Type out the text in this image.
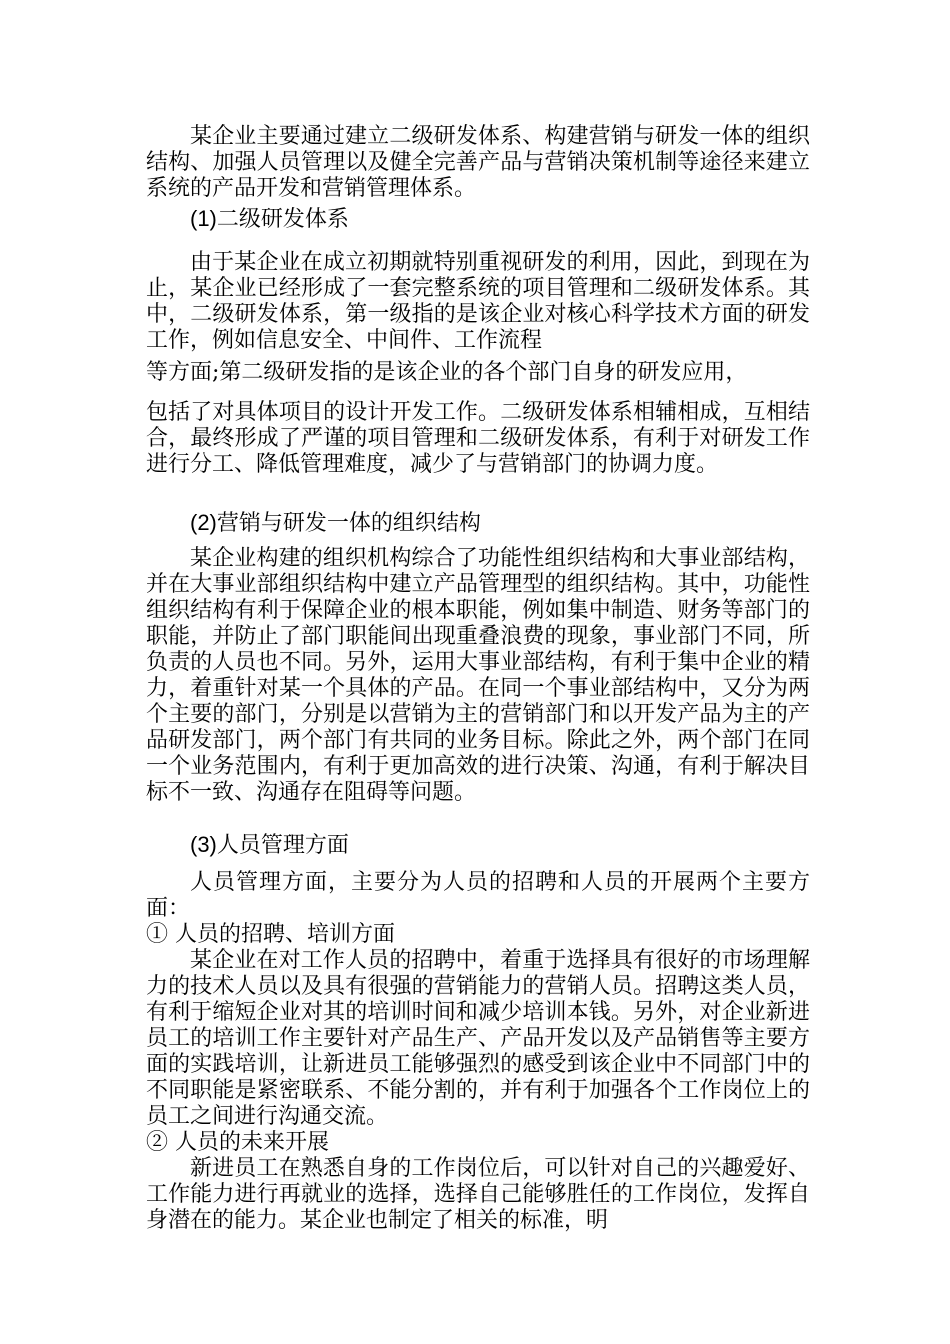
某企业主要通过建立二级研发体系、构建营销与研发一体的组织结构、加强人员管理以及健全完善产品与营销决策机制等途径来建立系统的产品开发和营销管理体系。

(1)二级研发体系

由于某企业在成立初期就特别重视研发的利用，因此，到现在为止，某企业已经形成了一套完整系统的项目管理和二级研发体系。其中，二级研发体系，第一级指的是该企业对核心科学技术方面的研发工作，例如信息安全、中间件、工作流程

等方面;第二级研发指的是该企业的各个部门自身的研发应用，

包括了对具体项目的设计开发工作。二级研发体系相辅相成，互相结合，最终形成了严谨的项目管理和二级研发体系，有利于对研发工作进行分工、降低管理难度，减少了与营销部门的协调力度。

(2)营销与研发一体的组织结构

某企业构建的组织机构综合了功能性组织结构和大事业部结构，并在大事业部组织结构中建立产品管理型的组织结构。其中，功能性组织结构有利于保障企业的根本职能，例如集中制造、财务等部门的职能，并防止了部门职能间出现重叠浪费的现象，事业部门不同，所负责的人员也不同。另外，运用大事业部结构，有利于集中企业的精力，着重针对某一个具体的产品。在同一个事业部结构中，又分为两个主要的部门，分别是以营销为主的营销部门和以开发产品为主的产品研发部门，两个部门有共同的业务目标。除此之外，两个部门在同一个业务范围内，有利于更加高效的进行决策、沟通，有利于解决目标不一致、沟通存在阻碍等问题。

(3)人员管理方面

人员管理方面，主要分为人员的招聘和人员的开展两个主要方面：

① 人员的招聘、培训方面

某企业在对工作人员的招聘中，着重于选择具有很好的市场理解力的技术人员以及具有很强的营销能力的营销人员。招聘这类人员，有利于缩短企业对其的培训时间和减少培训本钱。另外，对企业新进员工的培训工作主要针对产品生产、产品开发以及产品销售等主要方面的实践培训，让新进员工能够强烈的感受到该企业中不同部门中的不同职能是紧密联系、不能分割的，并有利于加强各个工作岗位上的员工之间进行沟通交流。

② 人员的未来开展

新进员工在熟悉自身的工作岗位后，可以针对自己的兴趣爱好、工作能力进行再就业的选择，选择自己能够胜任的工作岗位，发挥自身潜在的能力。某企业也制定了相关的标准，明
